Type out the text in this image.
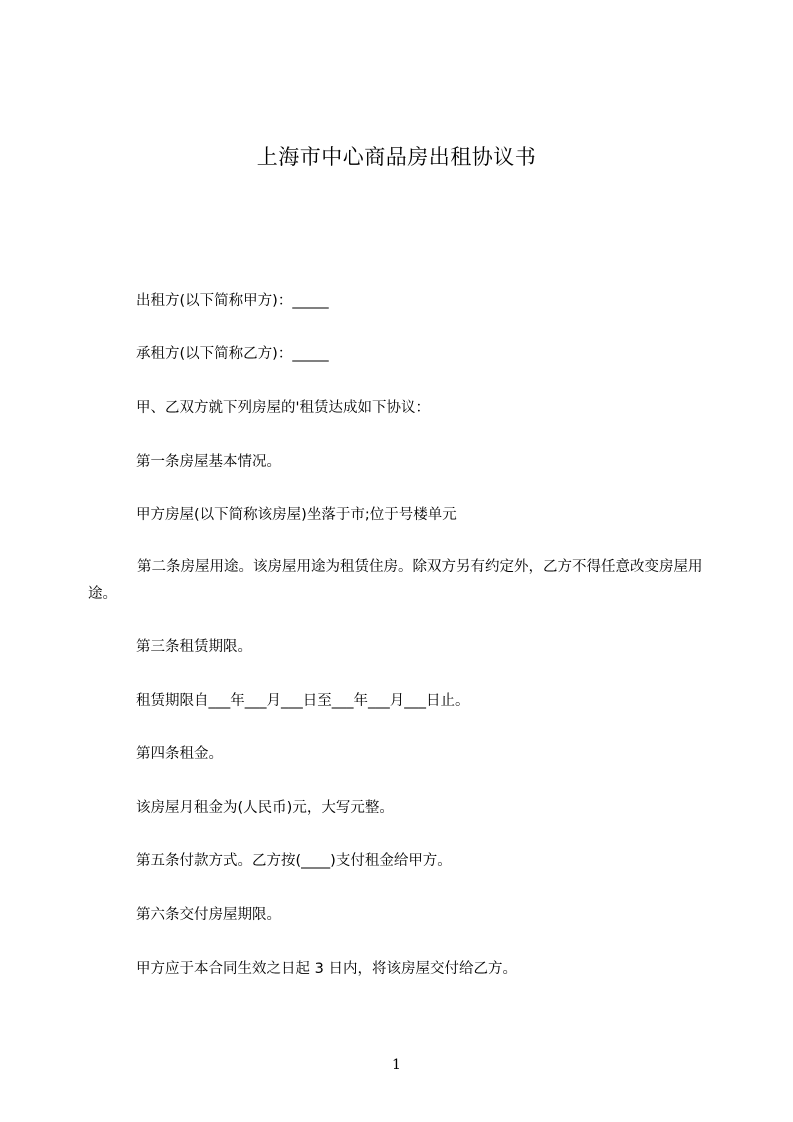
上海市中心商品房出租协议书
出租方(以下简称甲方)：_____
承租方(以下简称乙方)：_____
甲、乙双方就下列房屋的'租赁达成如下协议：
第一条房屋基本情况。
甲方房屋(以下简称该房屋)坐落于市;位于号楼单元
第二条房屋用途。该房屋用途为租赁住房。除双方另有约定外，乙方不得任意改变房屋用途。
第三条租赁期限。
租赁期限自___年___月___日至___年___月___日止。
第四条租金。
该房屋月租金为(人民币)元，大写元整。
第五条付款方式。乙方按(____)支付租金给甲方。
第六条交付房屋期限。
甲方应于本合同生效之日起 3 日内，将该房屋交付给乙方。
1
